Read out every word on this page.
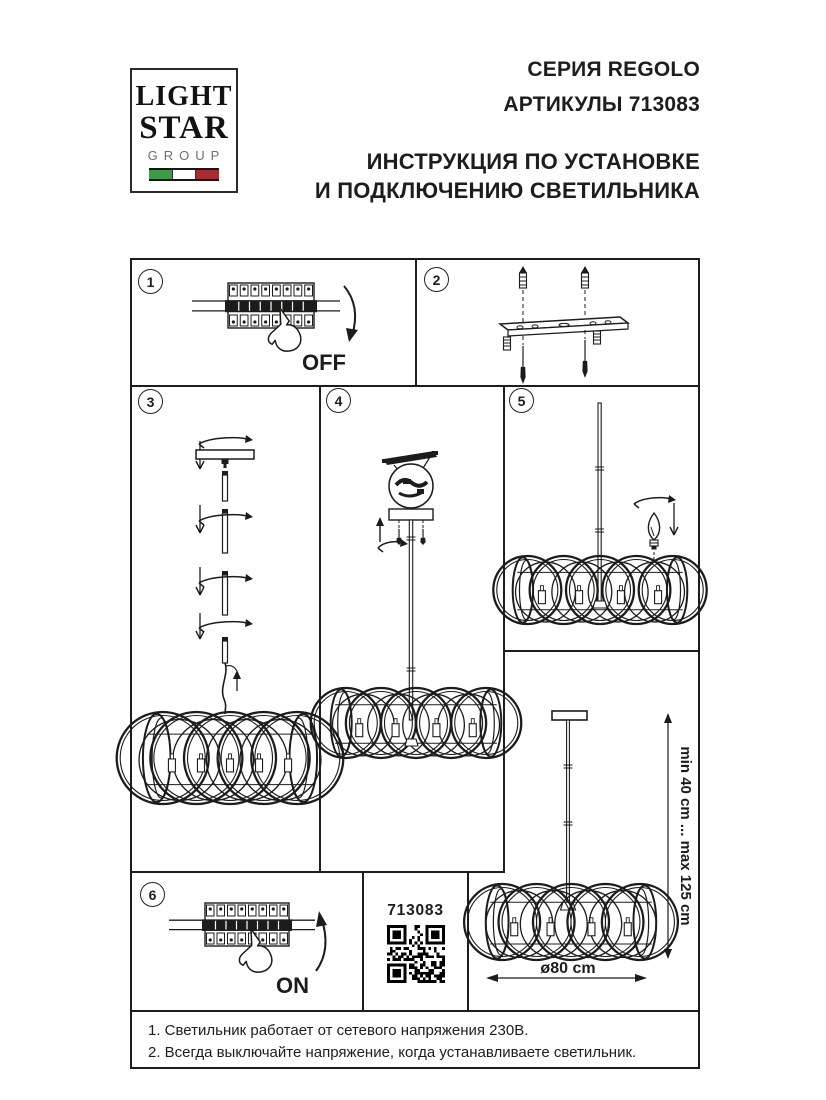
LIGHT
STAR
GROUP
СЕРИЯ REGOLO
АРТИКУЛЫ 713083
ИНСТРУКЦИЯ ПО УСТАНОВКЕ
И ПОДКЛЮЧЕНИЮ СВЕТИЛЬНИКА
1	2
3	4	5
6
OFF
ø80 cm
min 40 cm ... max 125 cm
ON
713083
1. Светильник работает от сетевого напряжения 230В.
2. Всегда выключайте напряжение, когда устанавливаете светильник.
